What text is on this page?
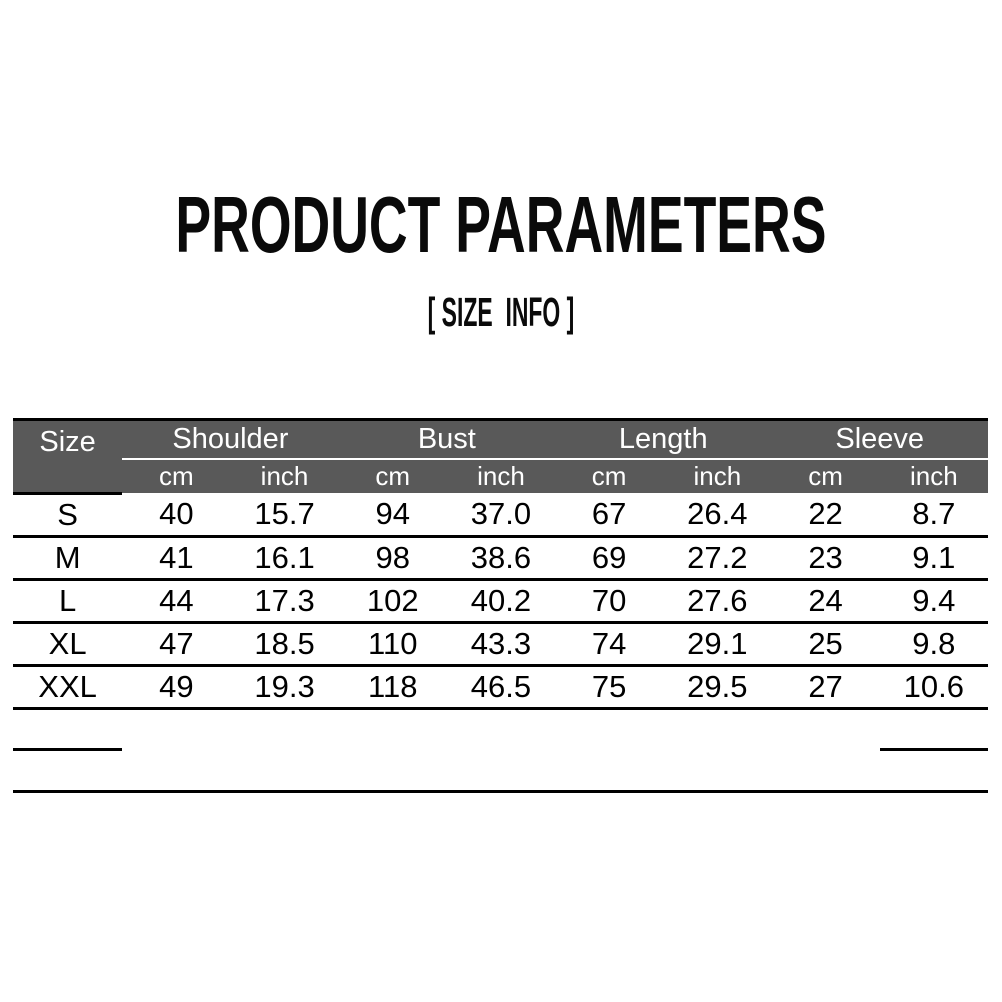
PRODUCT PARAMETERS
[ SIZE  INFO ]
Size	Shoulder		Bust		Length		Sleeve	
	cm	inch	cm	inch	cm	inch	cm	inch
S	40	15.7	94	37.0	67	26.4	22	8.7
M	41	16.1	98	38.6	69	27.2	23	9.1
L	44	17.3	102	40.2	70	27.6	24	9.4
XL	47	18.5	110	43.3	74	29.1	25	9.8
XXL	49	19.3	118	46.5	75	29.5	27	10.6
